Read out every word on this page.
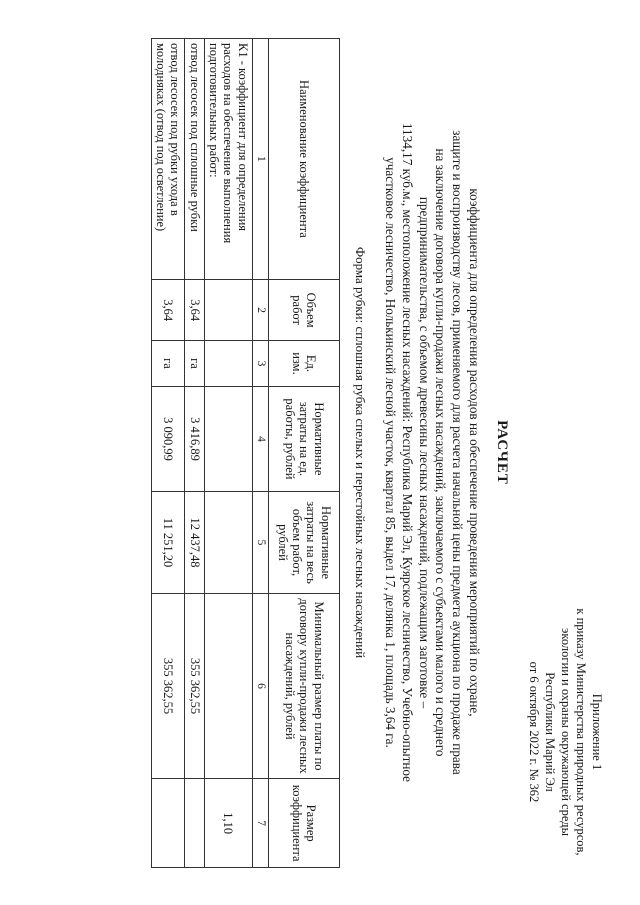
Приложение 1
к приказу Министерства природных ресурсов,
экологии и охраны окружающей среды
Республики Марий Эл
от 6 октября 2022 г. № 362
РАСЧЕТ
коэффициента для определения расходов на обеспечение проведения мероприятий по охране,
защите и воспроизводству лесов, применяемого для расчета начальной цены предмета аукциона по продаже права
на заключение договора купли-продажи лесных насаждений, заключаемого с субъектами малого и среднего
предпринимательства, с объемом древесины лесных насаждений, подлежащим заготовке –
1134,17 куб.м., местоположение лесных насаждений: Республика Марий Эл, Куярское лесничество, Учебно-опытное
участковое лесничество, Нолькинский лесной участок, квартал 85, выдел 17, делянка 1, площадь 3,64 га.
Форма рубки: сплошная рубка спелых и перестойных лесных насаждений
Наименование коэффициента	Объем работ	Ед. изм.	Нормативные затраты на ед. работы, рублей	Нормативные затраты на весь объем работ, рублей	Минимальный размер платы по договору купли-продажи лесных насаждений, рублей	Размер коэффициента
1	2	3	4	5	6	7
К1 - коэффициент для определения расходов на обеспечение выполнения подготовительных работ:						1,10
отвод лесосек под сплошные рубки	3,64	га	3 416,89	12 437,48	355 362,55	
отвод лесосек под рубки ухода в молодняках (отвод под осветление)	3,64	га	3 090,99	11 251,20	355 362,55	
